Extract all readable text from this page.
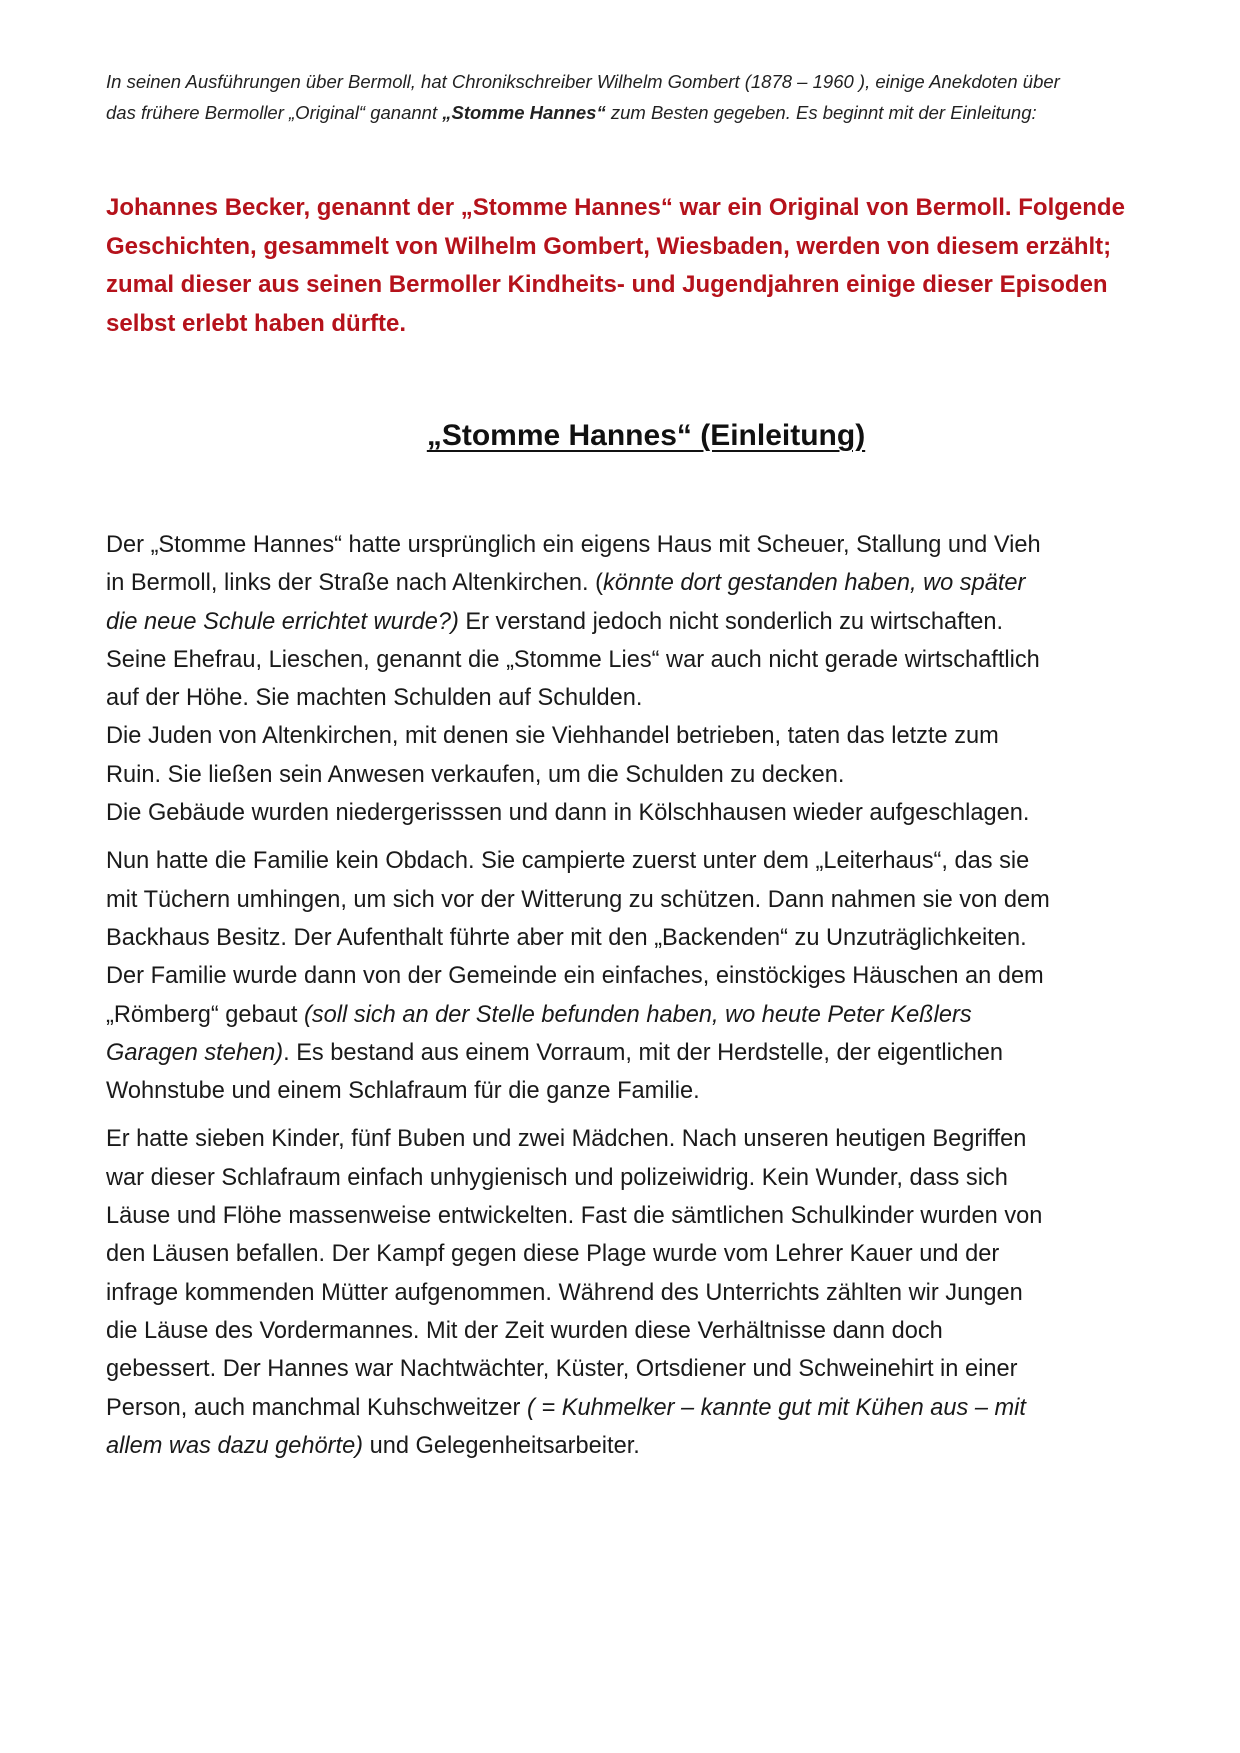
In seinen Ausführungen über Bermoll, hat Chronikschreiber Wilhelm Gombert (1878 – 1960 ), einige Anekdoten über
das frühere Bermoller „Original“ ganannt „Stomme Hannes“ zum Besten gegeben. Es beginnt mit der Einleitung:

Johannes Becker, genannt der „Stomme Hannes“ war ein Original von Bermoll. Folgende
Geschichten, gesammelt von Wilhelm Gombert, Wiesbaden, werden von diesem erzählt;
zumal dieser aus seinen Bermoller Kindheits- und Jugendjahren einige dieser Episoden
selbst erlebt haben dürfte.

„Stomme Hannes“ (Einleitung)

Der „Stomme Hannes“ hatte ursprünglich ein eigens Haus mit Scheuer, Stallung und Vieh
in Bermoll, links der Straße nach Altenkirchen. (könnte dort gestanden haben, wo später
die neue Schule errichtet wurde?) Er verstand jedoch nicht sonderlich zu wirtschaften.
Seine Ehefrau, Lieschen, genannt die „Stomme Lies“ war auch nicht gerade wirtschaftlich
auf der Höhe. Sie machten Schulden auf Schulden.
Die Juden von Altenkirchen, mit denen sie Viehhandel betrieben, taten das letzte zum
Ruin. Sie ließen sein Anwesen verkaufen, um die Schulden zu decken.
Die Gebäude wurden niedergerisssen und dann in Kölschhausen wieder aufgeschlagen.

Nun hatte die Familie kein Obdach. Sie campierte zuerst unter dem „Leiterhaus“, das sie
mit Tüchern umhingen, um sich vor der Witterung zu schützen. Dann nahmen sie von dem
Backhaus Besitz. Der Aufenthalt führte aber mit den „Backenden“ zu Unzuträglichkeiten.
Der Familie wurde dann von der Gemeinde ein einfaches, einstöckiges Häuschen an dem
„Römberg“ gebaut (soll sich an der Stelle befunden haben, wo heute Peter Keßlers
Garagen stehen). Es bestand aus einem Vorraum, mit der Herdstelle, der eigentlichen
Wohnstube und einem Schlafraum für die ganze Familie.

Er hatte sieben Kinder, fünf Buben und zwei Mädchen. Nach unseren heutigen Begriffen
war dieser Schlafraum einfach unhygienisch und polizeiwidrig. Kein Wunder, dass sich
Läuse und Flöhe massenweise entwickelten. Fast die sämtlichen Schulkinder wurden von
den Läusen befallen. Der Kampf gegen diese Plage wurde vom Lehrer Kauer und der
infrage kommenden Mütter aufgenommen. Während des Unterrichts zählten wir Jungen
die Läuse des Vordermannes. Mit der Zeit wurden diese Verhältnisse dann doch
gebessert. Der Hannes war Nachtwächter, Küster, Ortsdiener und Schweinehirt in einer
Person, auch manchmal Kuhschweitzer ( = Kuhmelker – kannte gut mit Kühen aus – mit
allem was dazu gehörte) und Gelegenheitsarbeiter.
